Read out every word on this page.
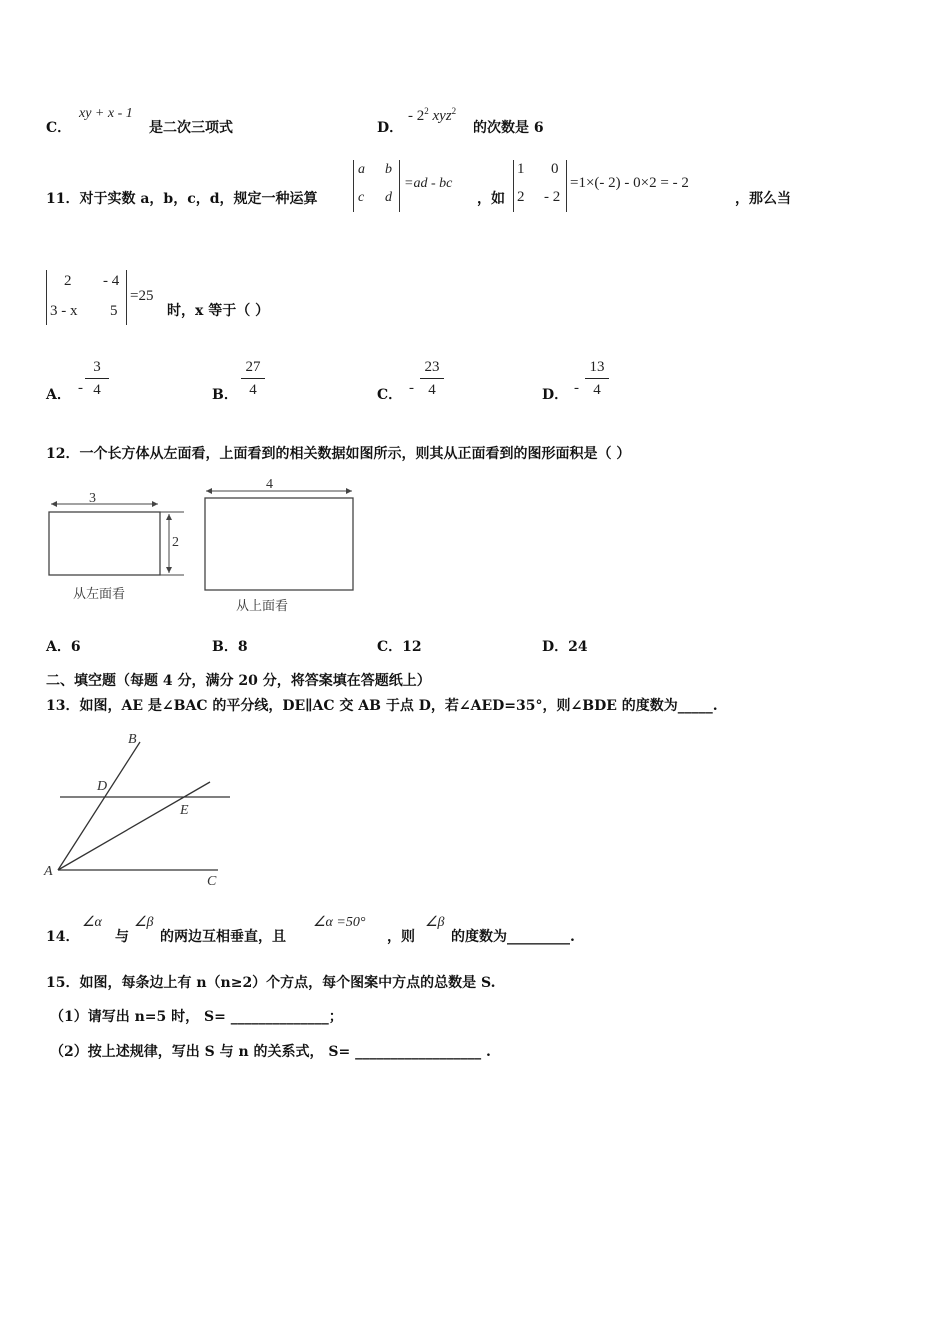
C．
xy + x - 1
是二次三项式	D．
- $2^2$ xyz$^2$
的次数是 6
11．对于实数 a，b，c，d，规定一种运算
a b
c d
=ad - bc
，如
1 0
2 - 2
=1×(- 2) - 0×2 = - 2
，那么当
2 - 4
3 - x 5
=25
时，x 等于（ ）
A． -
3
4	B．
27
4	C． -
23
4	D． -
13
4
12．一个长方体从左面看，上面看到的相关数据如图所示，则其从正面看到的图形面积是（ ）
3
2
从左面看
4
从上面看
A．6	B．8	C．12	D．24
二、填空题（每题 4 分，满分 20 分，将答案填在答题纸上）
13．如图，AE 是∠BAC 的平分线，DE∥AC 交 AB 于点 D，若∠AED=35°，则∠BDE 的度数为_____.
B
D
E
A
C
14．
∠α
与
∠β
的两边互相垂直，且
∠α =50°
，则
∠β
的度数为_________.
15．如图，每条边上有 n（n≥2）个方点，每个图案中方点的总数是 S.
（1）请写出 n=5 时， S= ______________；
（2）按上述规律，写出 S 与 n 的关系式， S= __________________ .
